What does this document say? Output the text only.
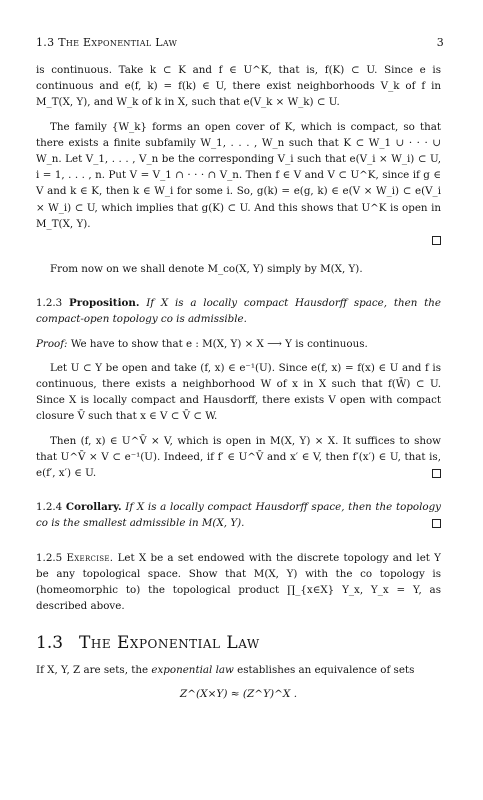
1.3 The Exponential Law	3

is continuous. Take k ⊂ K and f ∈ U^K, that is, f(K) ⊂ U. Since e is continuous and e(f, k) = f(k) ∈ U, there exist neighborhoods V_k of f in M_T(X, Y), and W_k of k in X, such that e(V_k × W_k) ⊂ U.

The family {W_k} forms an open cover of K, which is compact, so that there exists a finite subfamily W_1, . . . , W_n such that K ⊂ W_1 ∪ · · · ∪ W_n. Let V_1, . . . , V_n be the corresponding V_i such that e(V_i × W_i) ⊂ U, i = 1, . . . , n. Put V = V_1 ∩ · · · ∩ V_n. Then f ∈ V and V ⊂ U^K, since if g ∈ V and k ∈ K, then k ∈ W_i for some i. So, g(k) = e(g, k) ∈ e(V × W_i) ⊂ e(V_i × W_i) ⊂ U, which implies that g(K) ⊂ U. And this shows that U^K is open in M_T(X, Y).

From now on we shall denote M_co(X, Y) simply by M(X, Y).

1.2.3 Proposition. If X is a locally compact Hausdorff space, then the compact-open topology co is admissible.

Proof: We have to show that e : M(X, Y) × X ⟶ Y is continuous.

Let U ⊂ Y be open and take (f, x) ∈ e⁻¹(U). Since e(f, x) = f(x) ∈ U and f is continuous, there exists a neighborhood W of x in X such that f(W̄) ⊂ U. Since X is locally compact and Hausdorff, there exists V open with compact closure V̄ such that x ∈ V ⊂ V̄ ⊂ W.

Then (f, x) ∈ U^V̄ × V, which is open in M(X, Y) × X. It suffices to show that U^V̄ × V ⊂ e⁻¹(U). Indeed, if f′ ∈ U^V̄ and x′ ∈ V, then f′(x′) ∈ U, that is, e(f′, x′) ∈ U.

1.2.4 Corollary. If X is a locally compact Hausdorff space, then the topology co is the smallest admissible in M(X, Y).

1.2.5 Exercise. Let X be a set endowed with the discrete topology and let Y be any topological space. Show that M(X, Y) with the co topology is (homeomorphic to) the topological product ∏_{x∈X} Y_x, Y_x = Y, as described above.

1.3 The Exponential Law

If X, Y, Z are sets, the exponential law establishes an equivalence of sets

Z^(X×Y) ≈ (Z^Y)^X .
